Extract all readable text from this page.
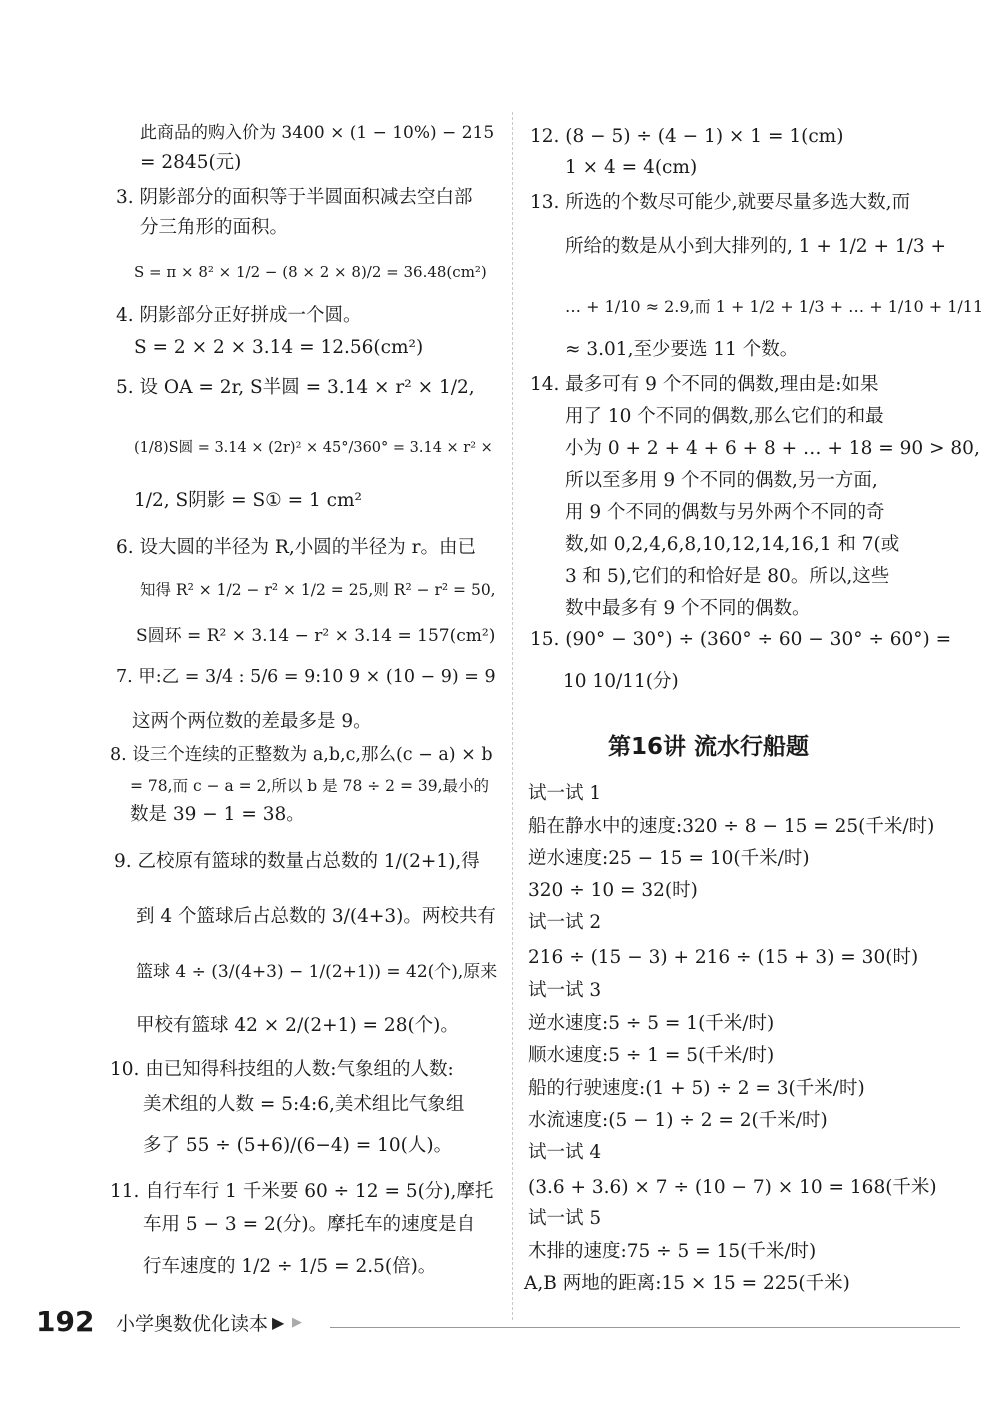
此商品的购入价为 3400 × (1 − 10%) − 215
= 2845(元)
3. 阴影部分的面积等于半圆面积减去空白部
分三角形的面积。
S = π × 8² × 1/2 − (8 × 2 × 8)/2 = 36.48(cm²)
4. 阴影部分正好拼成一个圆。
S = 2 × 2 × 3.14 = 12.56(cm²)
5. 设 OA = 2r, S半圆 = 3.14 × r² × 1/2,
(1/8)S圆 = 3.14 × (2r)² × 45°/360° = 3.14 × r² ×
1/2, S阴影 = S① = 1 cm²
6. 设大圆的半径为 R,小圆的半径为 r。由已
知得 R² × 1/2 − r² × 1/2 = 25,则 R² − r² = 50,
S圆环 = R² × 3.14 − r² × 3.14 = 157(cm²)
7. 甲:乙 = 3/4 : 5/6 = 9:10 9 × (10 − 9) = 9
这两个两位数的差最多是 9。
8. 设三个连续的正整数为 a,b,c,那么(c − a) × b
= 78,而 c − a = 2,所以 b 是 78 ÷ 2 = 39,最小的
数是 39 − 1 = 38。
9. 乙校原有篮球的数量占总数的 1/(2+1),得
到 4 个篮球后占总数的 3/(4+3)。两校共有
篮球 4 ÷ (3/(4+3) − 1/(2+1)) = 42(个),原来
甲校有篮球 42 × 2/(2+1) = 28(个)。
10. 由已知得科技组的人数:气象组的人数:
美术组的人数 = 5:4:6,美术组比气象组
多了 55 ÷ (5+6)/(6−4) = 10(人)。
11. 自行车行 1 千米要 60 ÷ 12 = 5(分),摩托
车用 5 − 3 = 2(分)。摩托车的速度是自
行车速度的 1/2 ÷ 1/5 = 2.5(倍)。
12. (8 − 5) ÷ (4 − 1) × 1 = 1(cm)
1 × 4 = 4(cm)
13. 所选的个数尽可能少,就要尽量多选大数,而
所给的数是从小到大排列的, 1 + 1/2 + 1/3 +
… + 1/10 ≈ 2.9,而 1 + 1/2 + 1/3 + … + 1/10 + 1/11
≈ 3.01,至少要选 11 个数。
14. 最多可有 9 个不同的偶数,理由是:如果
用了 10 个不同的偶数,那么它们的和最
小为 0 + 2 + 4 + 6 + 8 + … + 18 = 90 > 80,
所以至多用 9 个不同的偶数,另一方面,
用 9 个不同的偶数与另外两个不同的奇
数,如 0,2,4,6,8,10,12,14,16,1 和 7(或
3 和 5),它们的和恰好是 80。所以,这些
数中最多有 9 个不同的偶数。
15. (90° − 30°) ÷ (360° ÷ 60 − 30° ÷ 60°) =
10 10/11(分)
试一试 1
船在静水中的速度:320 ÷ 8 − 15 = 25(千米/时)
逆水速度:25 − 15 = 10(千米/时)
320 ÷ 10 = 32(时)
试一试 2
216 ÷ (15 − 3) + 216 ÷ (15 + 3) = 30(时)
试一试 3
逆水速度:5 ÷ 5 = 1(千米/时)
顺水速度:5 ÷ 1 = 5(千米/时)
船的行驶速度:(1 + 5) ÷ 2 = 3(千米/时)
水流速度:(5 − 1) ÷ 2 = 2(千米/时)
试一试 4
(3.6 + 3.6) × 7 ÷ (10 − 7) × 10 = 168(千米)
试一试 5
木排的速度:75 ÷ 5 = 15(千米/时)
A,B 两地的距离:15 × 15 = 225(千米)
第16讲 流水行船题
192 小学奥数优化读本 ▶ ▶
